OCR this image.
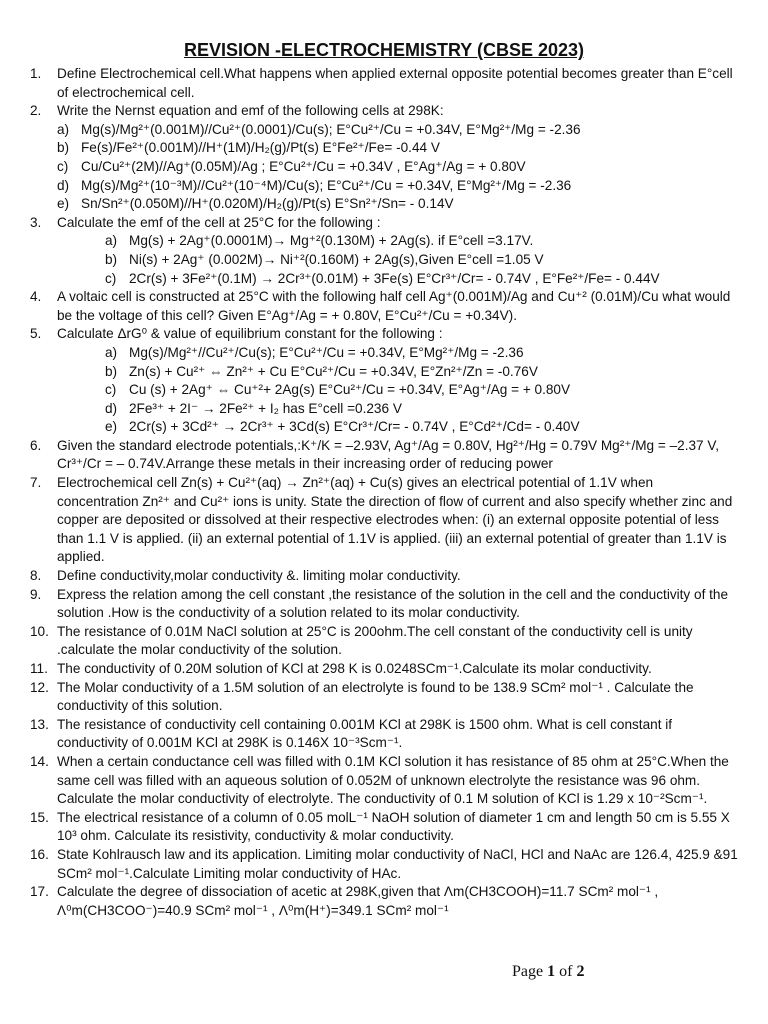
REVISION -ELECTROCHEMISTRY (CBSE 2023)
1.	Define Electrochemical cell.What happens when applied external opposite potential becomes greater than E°cell of electrochemical cell.
2.	Write the Nernst equation and emf of the following cells at 298K:
a) Mg(s)/Mg²⁺(0.001M)//Cu²⁺(0.0001)/Cu(s); E°Cu²⁺/Cu = +0.34V, E°Mg²⁺/Mg = -2.36
b) Fe(s)/Fe²⁺(0.001M)//H⁺(1M)/H₂(g)/Pt(s) E°Fe²⁺/Fe= -0.44 V
c) Cu/Cu²⁺(2M)//Ag⁺(0.05M)/Ag ; E°Cu²⁺/Cu = +0.34V , E°Ag⁺/Ag = + 0.80V
d) Mg(s)/Mg²⁺(10⁻³M)//Cu²⁺(10⁻⁴M)/Cu(s); E°Cu²⁺/Cu = +0.34V, E°Mg²⁺/Mg = -2.36
e) Sn/Sn²⁺(0.050M)//H⁺(0.020M)/H₂(g)/Pt(s) E°Sn²⁺/Sn= - 0.14V
3.	Calculate the emf of the cell at 25°C for the following :
a) Mg(s) + 2Ag⁺(0.0001M)→ Mg⁺²(0.130M) + 2Ag(s). if E°cell =3.17V.
b) Ni(s) + 2Ag⁺ (0.002M)→ Ni⁺²(0.160M) + 2Ag(s),Given E°cell =1.05 V
c) 2Cr(s) + 3Fe²⁺(0.1M) → 2Cr³⁺(0.01M) + 3Fe(s) E°Cr³⁺/Cr= - 0.74V , E°Fe²⁺/Fe= - 0.44V
4.	A voltaic cell is constructed at 25°C with the following half cell Ag⁺(0.001M)/Ag and Cu⁺² (0.01M)/Cu what would be the voltage of this cell? Given E°Ag⁺/Ag = + 0.80V, E°Cu²⁺/Cu = +0.34V).
5.	Calculate ΔrG⁰ & value of equilibrium constant for the following :
a) Mg(s)/Mg²⁺//Cu²⁺/Cu(s); E°Cu²⁺/Cu = +0.34V, E°Mg²⁺/Mg = -2.36
b) Zn(s) + Cu²⁺ ⇔ Zn²⁺ + Cu E°Cu²⁺/Cu = +0.34V, E°Zn²⁺/Zn = -0.76V
c) Cu (s) + 2Ag⁺ ⇔ Cu⁺²+ 2Ag(s) E°Cu²⁺/Cu = +0.34V, E°Ag⁺/Ag = + 0.80V
d) 2Fe³⁺ + 2I⁻ → 2Fe²⁺ + I₂ has E°cell =0.236 V
e) 2Cr(s) + 3Cd²⁺ → 2Cr³⁺ + 3Cd(s) E°Cr³⁺/Cr= - 0.74V , E°Cd²⁺/Cd= - 0.40V
6.	Given the standard electrode potentials,:K⁺/K = –2.93V, Ag⁺/Ag = 0.80V, Hg²⁺/Hg = 0.79V Mg²⁺/Mg = –2.37 V, Cr³⁺/Cr = – 0.74V.Arrange these metals in their increasing order of reducing power
7.	Electrochemical cell Zn(s) + Cu²⁺(aq) → Zn²⁺(aq) + Cu(s) gives an electrical potential of 1.1V when concentration Zn²⁺ and Cu²⁺ ions is unity. State the direction of flow of current and also specify whether zinc and copper are deposited or dissolved at their respective electrodes when: (i) an external opposite potential of less than 1.1 V is applied. (ii) an external potential of 1.1V is applied. (iii) an external potential of greater than 1.1V is applied.
8.	Define conductivity,molar conductivity &. limiting molar conductivity.
9.	Express the relation among the cell constant ,the resistance of the solution in the cell and the conductivity of the solution .How is the conductivity of a solution related to its molar conductivity.
10. The resistance of 0.01M NaCl solution at 25°C is 200ohm.The cell constant of the conductivity cell is unity .calculate the molar conductivity of the solution.
11. The conductivity of 0.20M solution of KCl at 298 K is 0.0248SCm⁻¹.Calculate its molar conductivity.
12. The Molar conductivity of a 1.5M solution of an electrolyte is found to be 138.9 SCm² mol⁻¹ . Calculate the conductivity of this solution.
13. The resistance of conductivity cell containing 0.001M KCl at 298K is 1500 ohm. What is cell constant if conductivity of 0.001M KCl at 298K is 0.146X 10⁻³Scm⁻¹.
14. When a certain conductance cell was filled with 0.1M KCl solution it has resistance of 85 ohm at 25°C.When the same cell was filled with an aqueous solution of 0.052M of unknown electrolyte the resistance was 96 ohm. Calculate the molar conductivity of electrolyte. The conductivity of 0.1 M solution of KCl is 1.29 x 10⁻²Scm⁻¹.
15. The electrical resistance of a column of 0.05 molL⁻¹ NaOH solution of diameter 1 cm and length 50 cm is 5.55 X 10³ ohm. Calculate its resistivity, conductivity & molar conductivity.
16. State Kohlrausch law and its application. Limiting molar conductivity of NaCl, HCl and NaAc are 126.4, 425.9 &91 SCm² mol⁻¹.Calculate Limiting molar conductivity of HAc.
17. Calculate the degree of dissociation of acetic at 298K,given that Λm(CH3COOH)=11.7 SCm² mol⁻¹ , Λ⁰m(CH3COO⁻)=40.9 SCm² mol⁻¹ , Λ⁰m(H⁺)=349.1 SCm² mol⁻¹
Page 1 of 2
